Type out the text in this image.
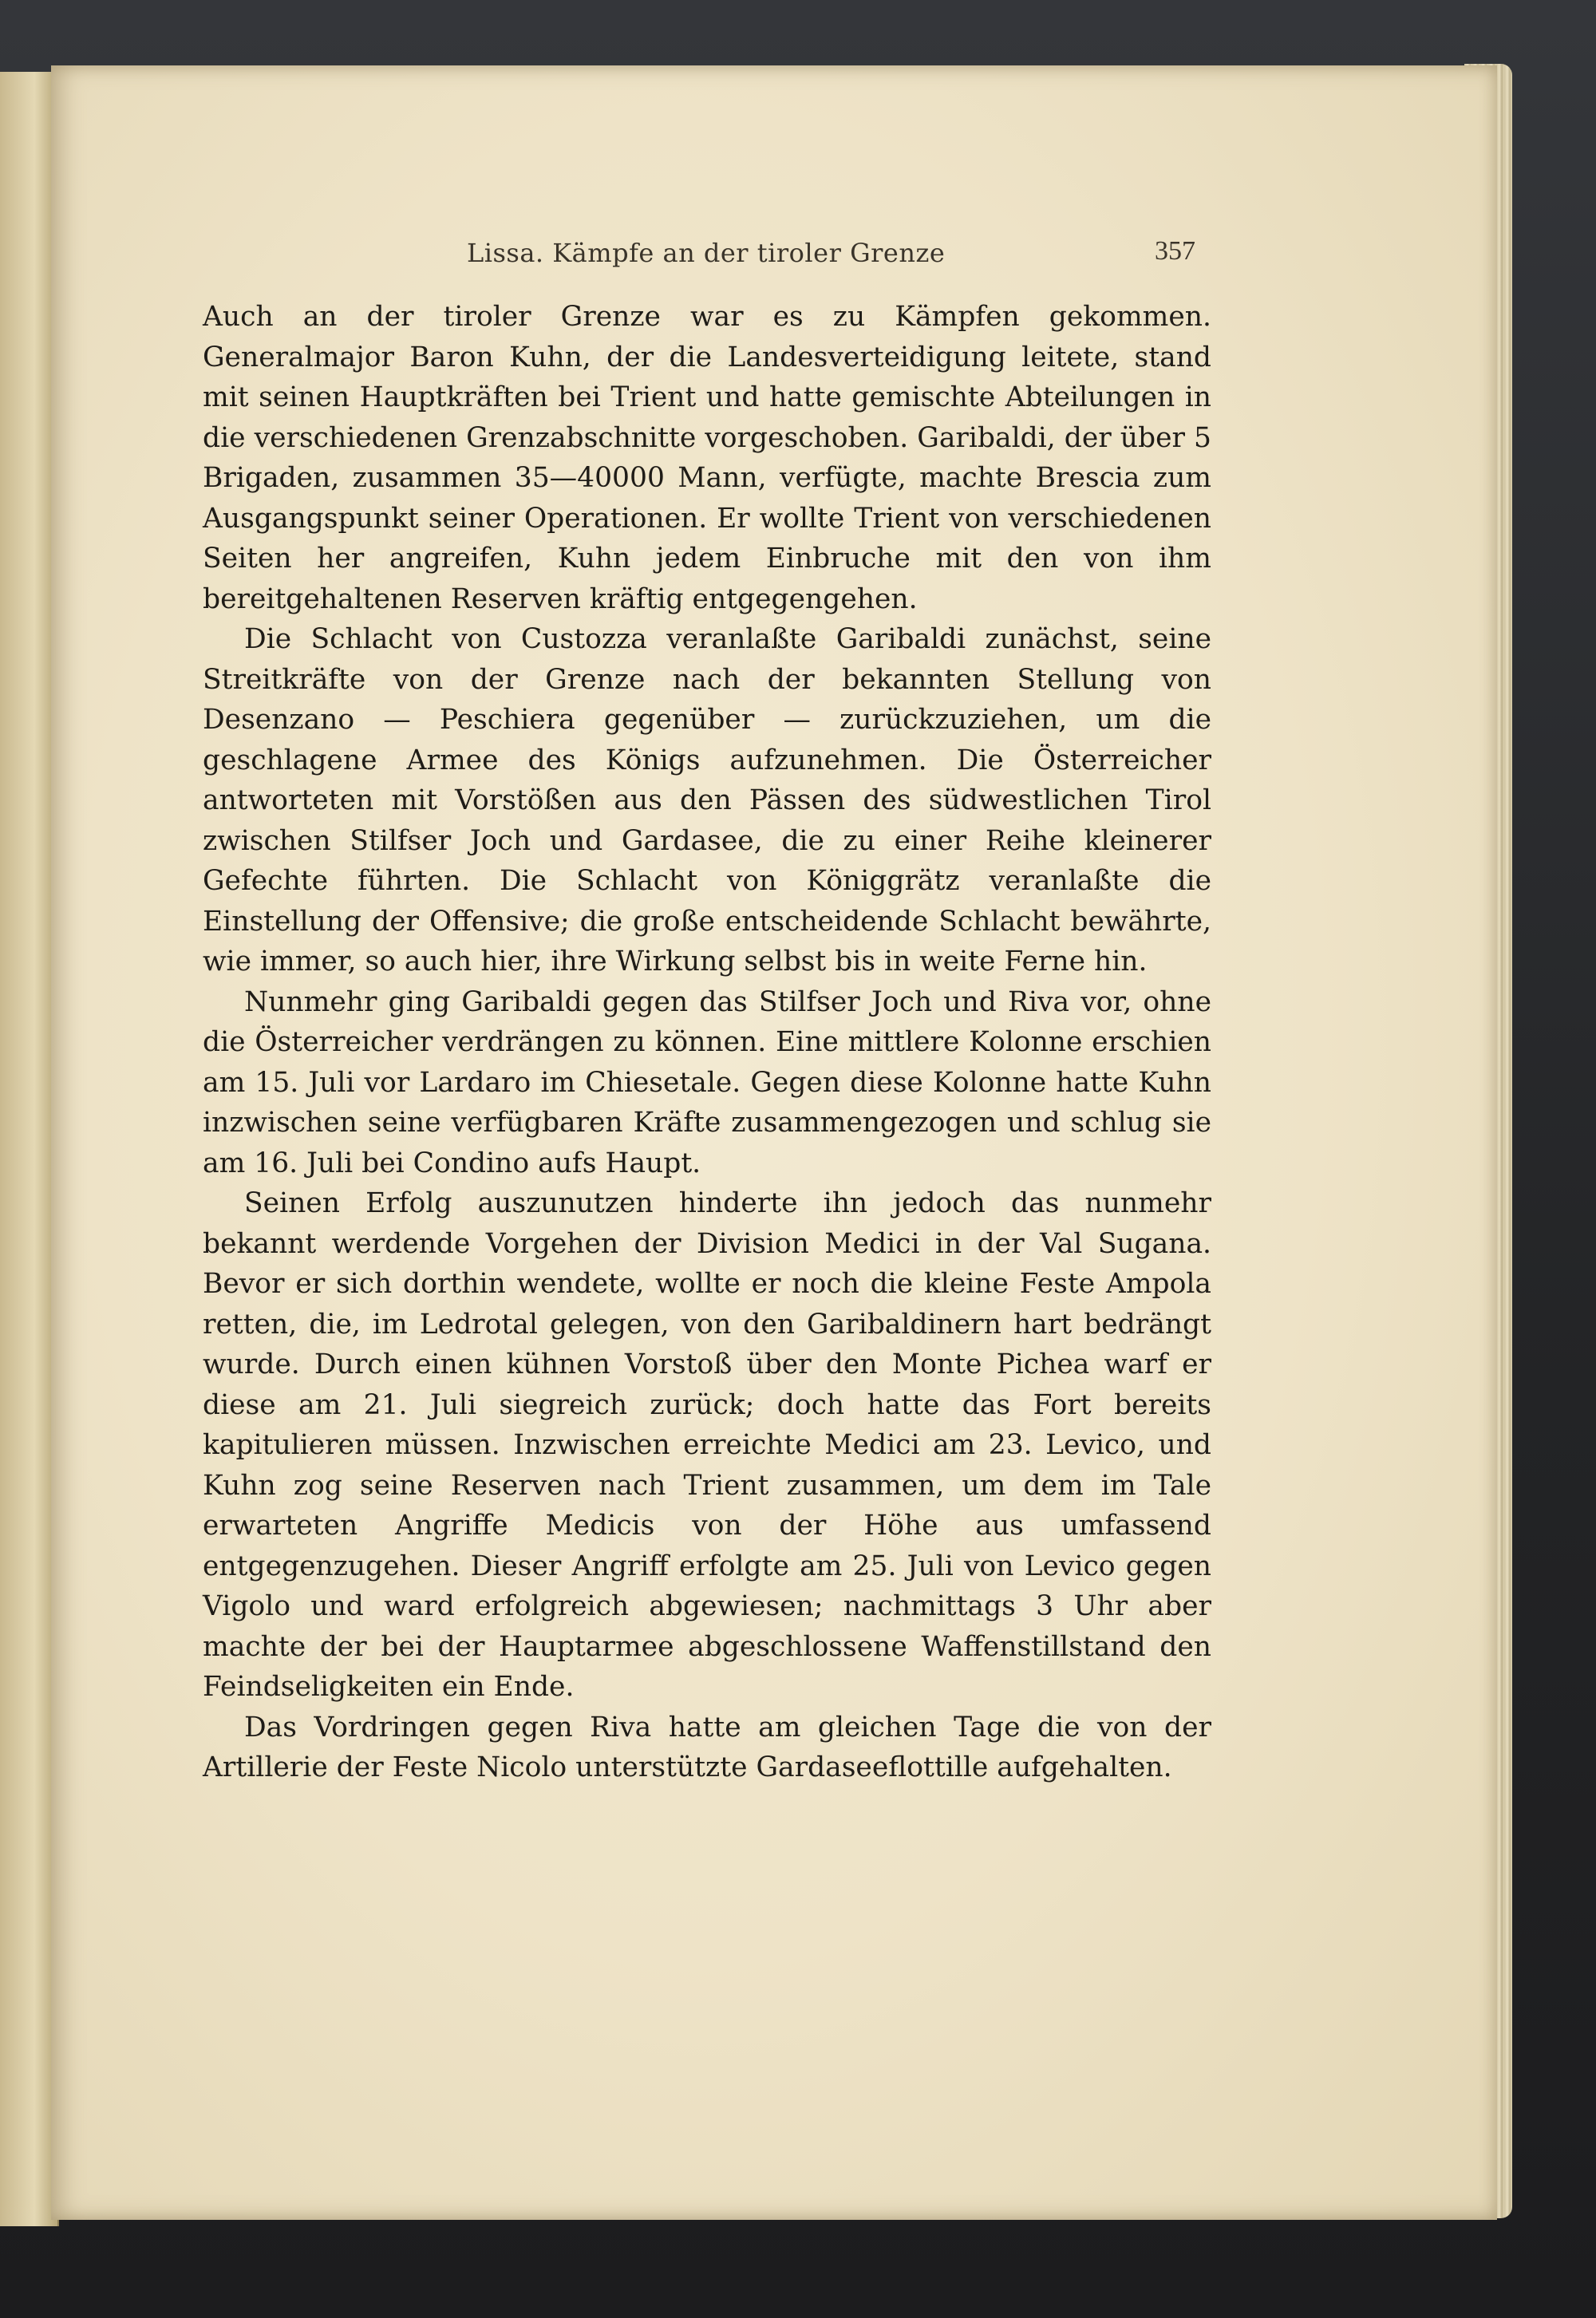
Lissa. Kämpfe an der tiroler Grenze	357

Auch an der tiroler Grenze war es zu Kämpfen gekommen. Generalmajor Baron Kuhn, der die Landesverteidigung leitete, stand mit seinen Hauptkräften bei Trient und hatte gemischte Abteilungen in die verschiedenen Grenzabschnitte vorgeschoben. Garibaldi, der über 5 Brigaden, zusammen 35—40000 Mann, verfügte, machte Brescia zum Ausgangspunkt seiner Operationen. Er wollte Trient von verschiedenen Seiten her angreifen, Kuhn jedem Einbruche mit den von ihm bereitgehaltenen Reserven kräftig entgegengehen.

Die Schlacht von Custozza veranlaßte Garibaldi zunächst, seine Streitkräfte von der Grenze nach der bekannten Stellung von Desenzano — Peschiera gegenüber — zurückzuziehen, um die geschlagene Armee des Königs aufzunehmen. Die Österreicher antworteten mit Vorstößen aus den Pässen des südwestlichen Tirol zwischen Stilfser Joch und Gardasee, die zu einer Reihe kleinerer Gefechte führten. Die Schlacht von Königgrätz veranlaßte die Einstellung der Offensive; die große entscheidende Schlacht bewährte, wie immer, so auch hier, ihre Wirkung selbst bis in weite Ferne hin.

Nunmehr ging Garibaldi gegen das Stilfser Joch und Riva vor, ohne die Österreicher verdrängen zu können. Eine mittlere Kolonne erschien am 15. Juli vor Lardaro im Chiesetale. Gegen diese Kolonne hatte Kuhn inzwischen seine verfügbaren Kräfte zusammengezogen und schlug sie am 16. Juli bei Condino aufs Haupt.

Seinen Erfolg auszunutzen hinderte ihn jedoch das nunmehr bekannt werdende Vorgehen der Division Medici in der Val Sugana. Bevor er sich dorthin wendete, wollte er noch die kleine Feste Ampola retten, die, im Ledrotal gelegen, von den Garibaldinern hart bedrängt wurde. Durch einen kühnen Vorstoß über den Monte Pichea warf er diese am 21. Juli siegreich zurück; doch hatte das Fort bereits kapitulieren müssen. Inzwischen erreichte Medici am 23. Levico, und Kuhn zog seine Reserven nach Trient zusammen, um dem im Tale erwarteten Angriffe Medicis von der Höhe aus umfassend entgegenzugehen. Dieser Angriff erfolgte am 25. Juli von Levico gegen Vigolo und ward erfolgreich abgewiesen; nachmittags 3 Uhr aber machte der bei der Hauptarmee abgeschlossene Waffenstillstand den Feindseligkeiten ein Ende.

Das Vordringen gegen Riva hatte am gleichen Tage die von der Artillerie der Feste Nicolo unterstützte Gardaseeflottille aufgehalten.
